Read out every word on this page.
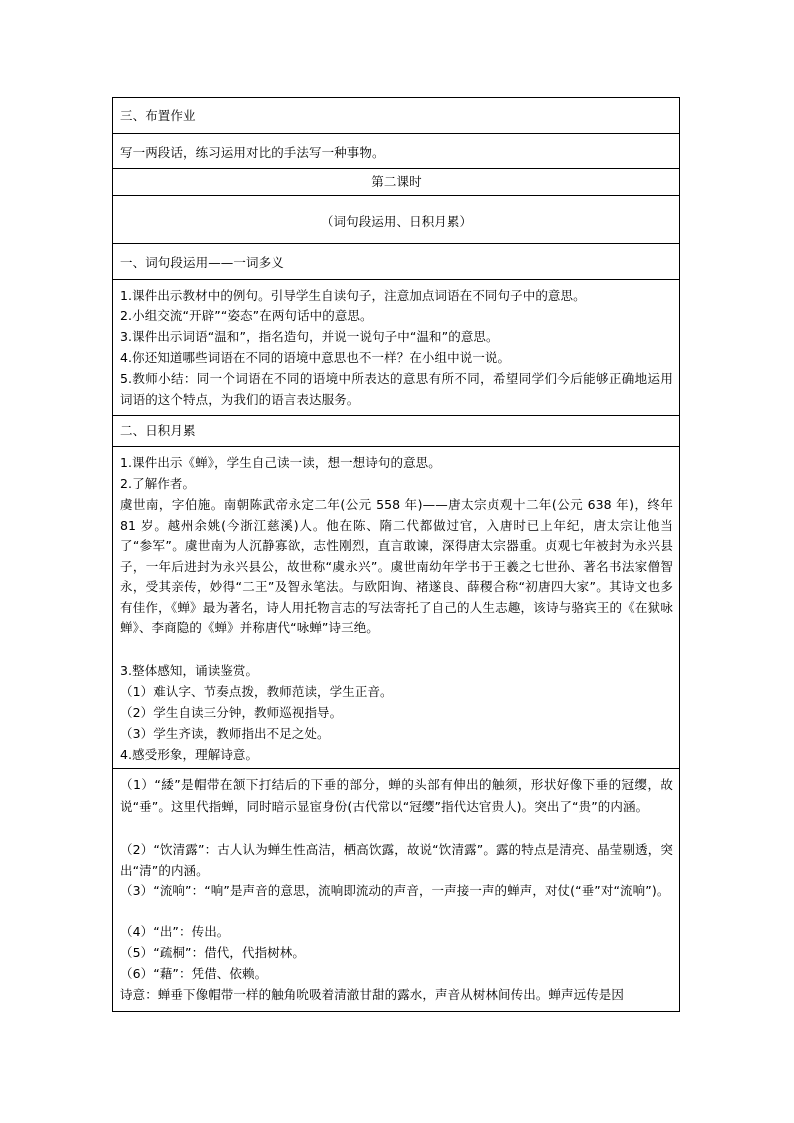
三、布置作业
写一两段话，练习运用对比的手法写一种事物。
第二课时
（词句段运用、日积月累）
一、词句段运用——一词多义
1.课件出示教材中的例句。引导学生自读句子，注意加点词语在不同句子中的意思。
2.小组交流“开辟”“姿态”在两句话中的意思。
3.课件出示词语“温和”，指名造句，并说一说句子中“温和”的意思。
4.你还知道哪些词语在不同的语境中意思也不一样？在小组中说一说。
5.教师小结：同一个词语在不同的语境中所表达的意思有所不同，希望同学们今后能够正确地运用词语的这个特点，为我们的语言表达服务。
二、日积月累
1.课件出示《蝉》，学生自己读一读，想一想诗句的意思。
2.了解作者。
虞世南，字伯施。南朝陈武帝永定二年(公元 558 年)——唐太宗贞观十二年(公元 638 年)，终年 81 岁。越州余姚(今浙江慈溪)人。他在陈、隋二代都做过官，入唐时已上年纪，唐太宗让他当了“参军”。虞世南为人沉静寡欲，志性刚烈，直言敢谏，深得唐太宗器重。贞观七年被封为永兴县子，一年后进封为永兴县公，故世称“虞永兴”。虞世南幼年学书于王羲之七世孙、著名书法家僧智永，受其亲传，妙得“二王”及智永笔法。与欧阳询、褚遂良、薛稷合称“初唐四大家”。其诗文也多有佳作，《蝉》最为著名，诗人用托物言志的写法寄托了自己的人生志趣，该诗与骆宾王的《在狱咏蝉》、李商隐的《蝉》并称唐代“咏蝉”诗三绝。
3.整体感知，诵读鉴赏。
（1）难认字、节奏点拨，教师范读，学生正音。
（2）学生自读三分钟，教师巡视指导。
（3）学生齐读，教师指出不足之处。
4.感受形象，理解诗意。
（1）“緌”是帽带在颔下打结后的下垂的部分，蝉的头部有伸出的触须，形状好像下垂的冠缨，故说“垂”。这里代指蝉，同时暗示显宦身份(古代常以“冠缨”指代达官贵人)。突出了“贵”的内涵。
（2）“饮清露”：古人认为蝉生性高洁，栖高饮露，故说“饮清露”。露的特点是清亮、晶莹剔透，突出“清”的内涵。
（3）“流响”：“响”是声音的意思，流响即流动的声音，一声接一声的蝉声，对仗(“垂”对“流响”)。
（4）“出”：传出。
（5）“疏桐”：借代，代指树林。
（6）“藉”：凭借、依赖。
诗意：蝉垂下像帽带一样的触角吮吸着清澈甘甜的露水，声音从树林间传出。蝉声远传是因
